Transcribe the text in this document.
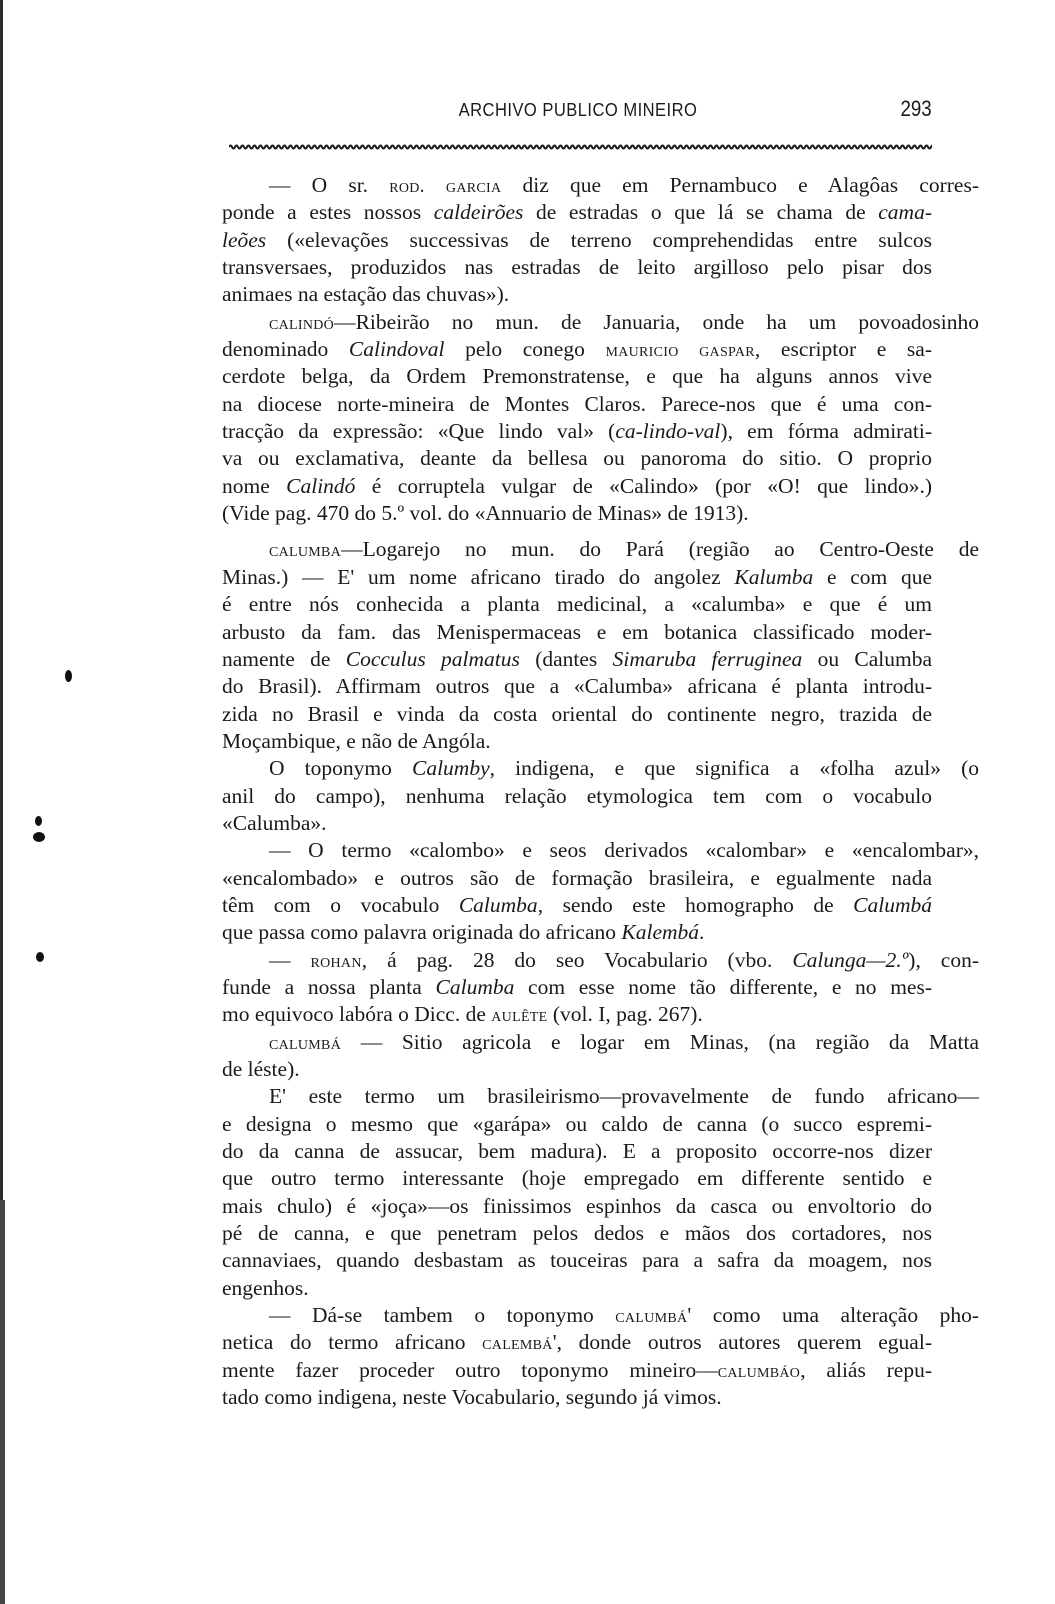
ARCHIVO PUBLICO MINEIRO	293
— O sr. rod. garcia diz que em Pernambuco e Alagôas corres-
ponde a estes nossos caldeirões de estradas o que lá se chama de cama-
leões («elevações successivas de terreno comprehendidas entre sulcos
transversaes, produzidos nas estradas de leito argilloso pelo pisar dos
animaes na estação das chuvas»).
calindó—Ribeirão no mun. de Januaria, onde ha um povoadosinho
denominado Calindoval pelo conego mauricio gaspar, escriptor e sa-
cerdote belga, da Ordem Premonstratense, e que ha alguns annos vive
na diocese norte-mineira de Montes Claros. Parece-nos que é uma con-
tracção da expressão: «Que lindo val» (ca-lindo-val), em fórma admirati-
va ou exclamativa, deante da bellesa ou panoroma do sitio. O proprio
nome Calindó é corruptela vulgar de «Calindo» (por «O! que lindo».)
(Vide pag. 470 do 5.º vol. do «Annuario de Minas» de 1913).
calumba—Logarejo no mun. do Pará (região ao Centro-Oeste de
Minas.) — E' um nome africano tirado do angolez Kalumba e com que
é entre nós conhecida a planta medicinal, a «calumba» e que é um
arbusto da fam. das Menispermaceas e em botanica classificado moder-
namente de Cocculus palmatus (dantes Simaruba ferruginea ou Calumba
do Brasil). Affirmam outros que a «Calumba» africana é planta introdu-
zida no Brasil e vinda da costa oriental do continente negro, trazida de
Moçambique, e não de Angóla.
O toponymo Calumby, indigena, e que significa a «folha azul» (o
anil do campo), nenhuma relação etymologica tem com o vocabulo
«Calumba».
— O termo «calombo» e seos derivados «calombar» e «encalombar»,
«encalombado» e outros são de formação brasileira, e egualmente nada
têm com o vocabulo Calumba, sendo este homographo de Calumbá
que passa como palavra originada do africano Kalembá.
— rohan, á pag. 28 do seo Vocabulario (vbo. Calunga—2.º), con-
funde a nossa planta Calumba com esse nome tão differente, e no mes-
mo equivoco labóra o Dicc. de aulête (vol. I, pag. 267).
calumbá — Sitio agricola e logar em Minas, (na região da Matta
de léste).
E' este termo um brasileirismo—provavelmente de fundo africano—
e designa o mesmo que «garápa» ou caldo de canna (o succo espremi-
do da canna de assucar, bem madura). E a proposito occorre-nos dizer
que outro termo interessante (hoje empregado em differente sentido e
mais chulo) é «joça»—os finissimos espinhos da casca ou envoltorio do
pé de canna, e que penetram pelos dedos e mãos dos cortadores, nos
cannaviaes, quando desbastam as touceiras para a safra da moagem, nos
engenhos.
— Dá-se tambem o toponymo calumbá' como uma alteração pho-
netica do termo africano calembá', donde outros autores querem egual-
mente fazer proceder outro toponymo mineiro—calumbáo, aliás repu-
tado como indigena, neste Vocabulario, segundo já vimos.
